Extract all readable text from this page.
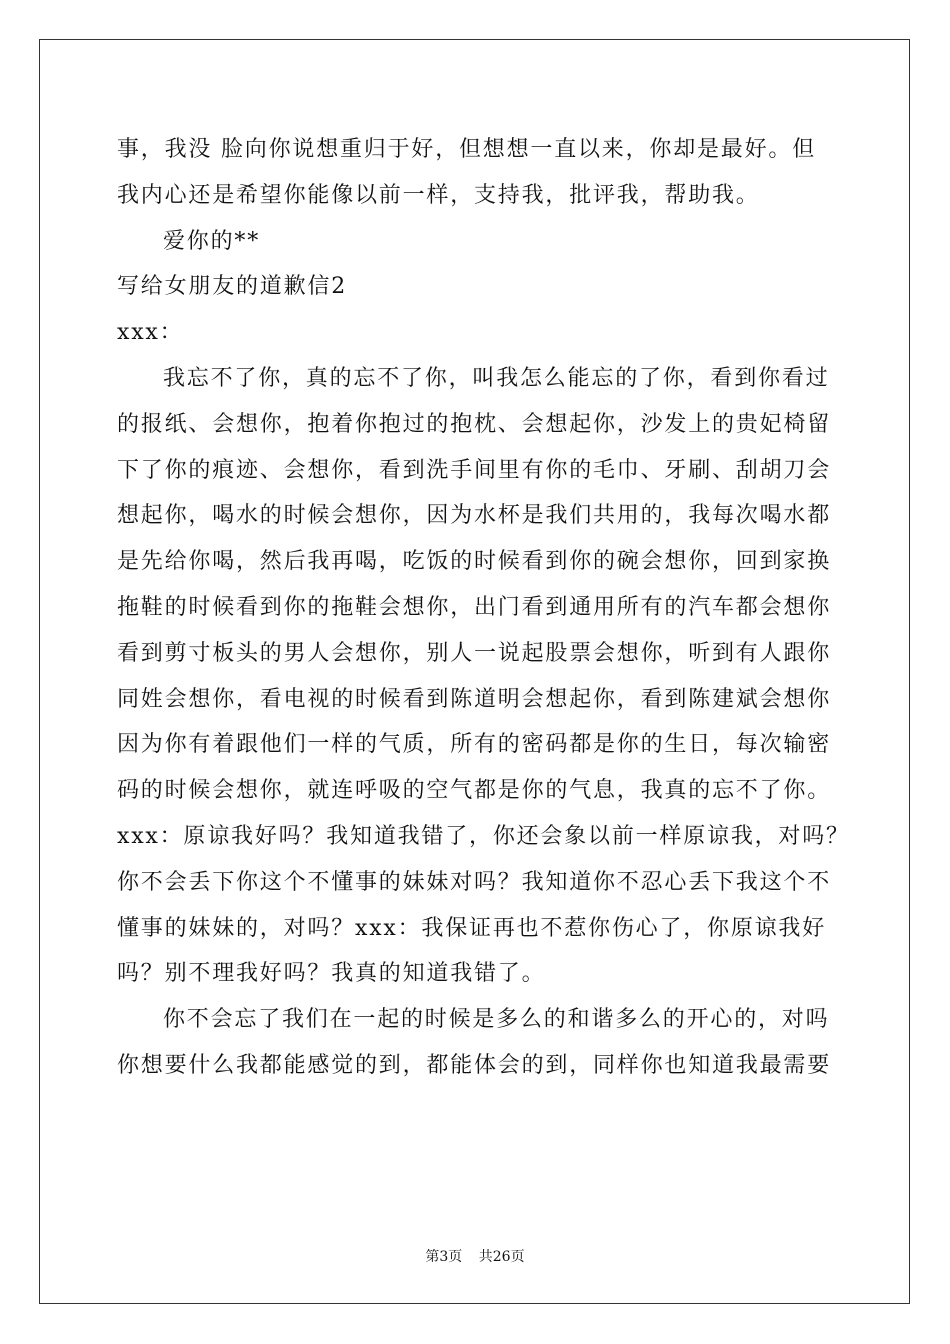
事，我没 脸向你说想重归于好，但想想一直以来，你却是最好。但
我内心还是希望你能像以前一样，支持我，批评我，帮助我。
爱你的**
写给女朋友的道歉信2
xxx：
我忘不了你，真的忘不了你，叫我怎么能忘的了你，看到你看过
的报纸、会想你，抱着你抱过的抱枕、会想起你，沙发上的贵妃椅留
下了你的痕迹、会想你，看到洗手间里有你的毛巾、牙刷、刮胡刀会
想起你，喝水的时候会想你，因为水杯是我们共用的，我每次喝水都
是先给你喝，然后我再喝，吃饭的时候看到你的碗会想你，回到家换
拖鞋的时候看到你的拖鞋会想你，出门看到通用所有的汽车都会想你
看到剪寸板头的男人会想你，别人一说起股票会想你，听到有人跟你
同姓会想你，看电视的时候看到陈道明会想起你，看到陈建斌会想你
因为你有着跟他们一样的气质，所有的密码都是你的生日，每次输密
码的时候会想你，就连呼吸的空气都是你的气息，我真的忘不了你。
xxx：原谅我好吗？我知道我错了，你还会象以前一样原谅我，对吗？
你不会丢下你这个不懂事的妹妹对吗？我知道你不忍心丢下我这个不
懂事的妹妹的，对吗？xxx：我保证再也不惹你伤心了，你原谅我好
吗？别不理我好吗？我真的知道我错了。
你不会忘了我们在一起的时候是多么的和谐多么的开心的，对吗
你想要什么我都能感觉的到，都能体会的到，同样你也知道我最需要
第3页 共26页
